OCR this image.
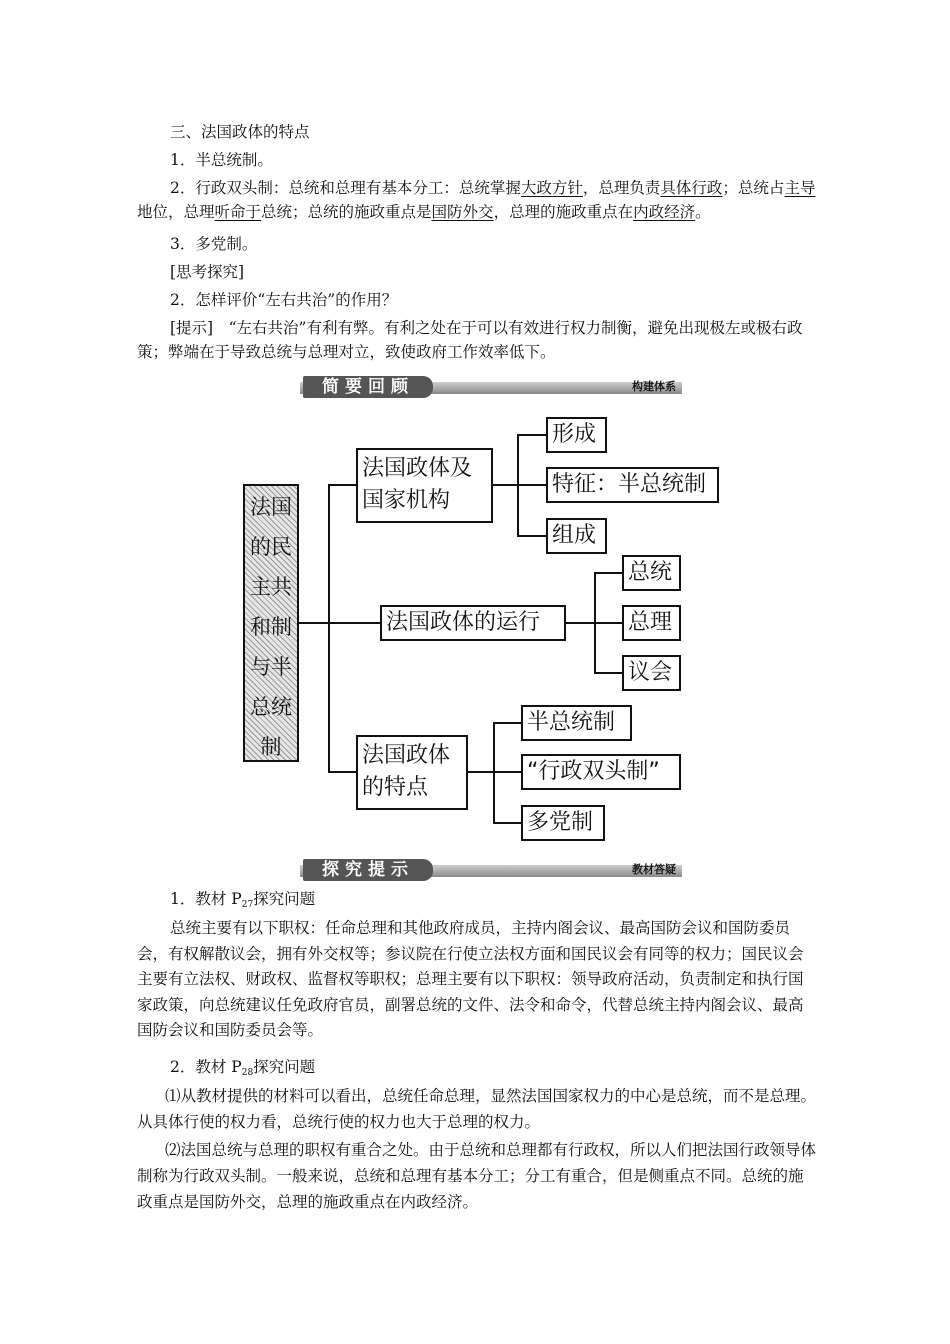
三、法国政体的特点

1．半总统制。

2．行政双头制：总统和总理有基本分工：总统掌握大政方针，总理负责具体行政；总统占主导地位，总理听命于总统；总统的施政重点是国防外交，总理的施政重点在内政经济。

3．多党制。

[思考探究]

2．怎样评价“左右共治”的作用？

[提示]　“左右共治”有利有弊。有利之处在于可以有效进行权力制衡，避免出现极左或极右政策；弊端在于导致总统与总理对立，致使政府工作效率低下。

简要回顾	构建体系
法国
的民
主共
和制
与半
总统
制
法国政体及
国家机构
形成
特征：半总统制
组成
法国政体的运行
总统
总理
议会
法国政体
的特点
半总统制
“行政双头制”
多党制
探究提示	教材答疑

1．教材 $P_{27}$探究问题

总统主要有以下职权：任命总理和其他政府成员，主持内阁会议、最高国防会议和国防委员会，有权解散议会，拥有外交权等；参议院在行使立法权方面和国民议会有同等的权力；国民议会主要有立法权、财政权、监督权等职权；总理主要有以下职权：领导政府活动，负责制定和执行国家政策，向总统建议任免政府官员，副署总统的文件、法令和命令，代替总统主持内阁会议、最高国防会议和国防委员会等。

2．教材 $P_{28}$探究问题

⑴从教材提供的材料可以看出，总统任命总理，显然法国国家权力的中心是总统，而不是总理。从具体行使的权力看，总统行使的权力也大于总理的权力。

⑵法国总统与总理的职权有重合之处。由于总统和总理都有行政权，所以人们把法国行政领导体制称为行政双头制。一般来说，总统和总理有基本分工；分工有重合，但是侧重点不同。总统的施政重点是国防外交，总理的施政重点在内政经济。
